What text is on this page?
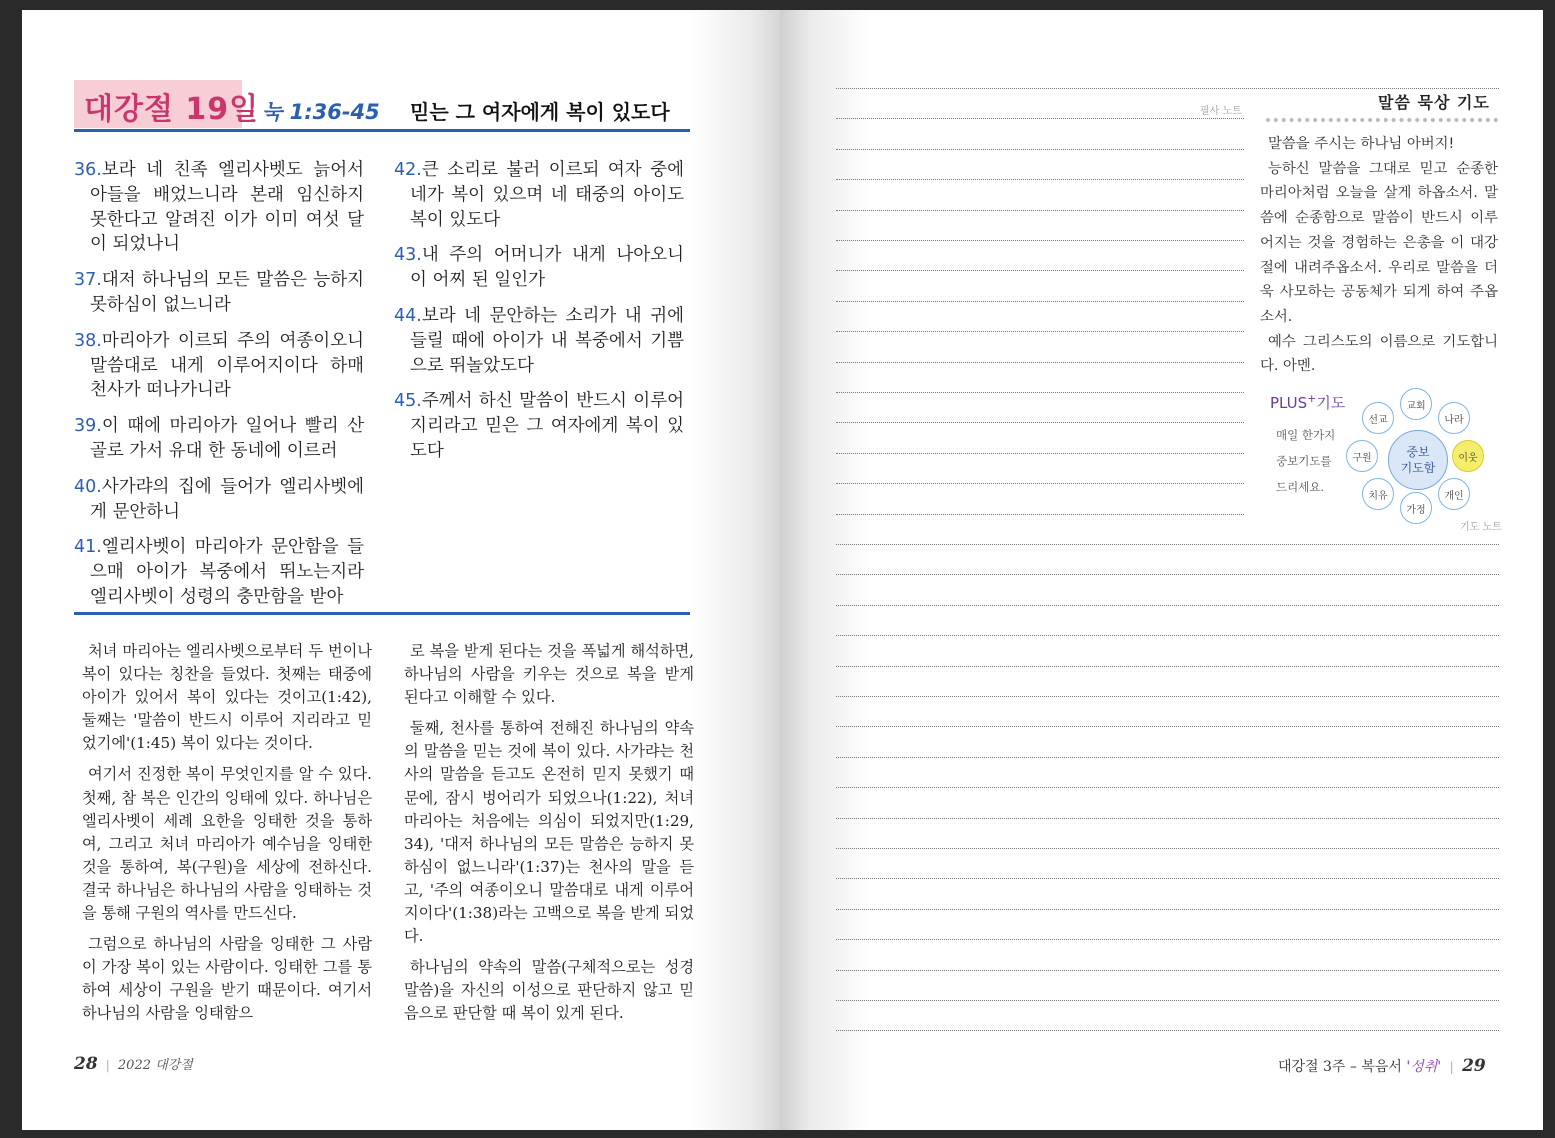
대강절 19일 눅 1:36-45 믿는 그 여자에게 복이 있도다
36.보라 네 친족 엘리사벳도 늙어서 아들을 배었느니라 본래 임신하지 못한다고 알려진 이가 이미 여섯 달이 되었나니
37.대저 하나님의 모든 말씀은 능하지 못하심이 없느니라
38.마리아가 이르되 주의 여종이오니 말씀대로 내게 이루어지이다 하매 천사가 떠나가니라
39.이 때에 마리아가 일어나 빨리 산골로 가서 유대 한 동네에 이르러
40.사가랴의 집에 들어가 엘리사벳에게 문안하니
41.엘리사벳이 마리아가 문안함을 들으매 아이가 복중에서 뛰노는지라 엘리사벳이 성령의 충만함을 받아
42.큰 소리로 불러 이르되 여자 중에 네가 복이 있으며 네 태중의 아이도 복이 있도다
43.내 주의 어머니가 내게 나아오니 이 어찌 된 일인가
44.보라 네 문안하는 소리가 내 귀에 들릴 때에 아이가 내 복중에서 기쁨으로 뛰놀았도다
45.주께서 하신 말씀이 반드시 이루어지리라고 믿은 그 여자에게 복이 있도다

처녀 마리아는 엘리사벳으로부터 두 번이나 복이 있다는 칭찬을 들었다. 첫째는 태중에 아이가 있어서 복이 있다는 것이고(1:42), 둘째는 '말씀이 반드시 이루어 지리라고 믿었기에'(1:45) 복이 있다는 것이다.

여기서 진정한 복이 무엇인지를 알 수 있다. 첫째, 참 복은 인간의 잉태에 있다. 하나님은 엘리사벳이 세례 요한을 잉태한 것을 통하여, 그리고 처녀 마리아가 예수님을 잉태한 것을 통하여, 복(구원)을 세상에 전하신다. 결국 하나님은 하나님의 사람을 잉태하는 것을 통해 구원의 역사를 만드신다.

그럼으로 하나님의 사람을 잉태한 그 사람이 가장 복이 있는 사람이다. 잉태한 그를 통하여 세상이 구원을 받기 때문이다. 여기서 하나님의 사람을 잉태함으

로 복을 받게 된다는 것을 폭넓게 해석하면, 하나님의 사람을 키우는 것으로 복을 받게 된다고 이해할 수 있다.

둘째, 천사를 통하여 전해진 하나님의 약속의 말씀을 믿는 것에 복이 있다. 사가랴는 천사의 말씀을 듣고도 온전히 믿지 못했기 때문에, 잠시 벙어리가 되었으나(1:22), 처녀 마리아는 처음에는 의심이 되었지만(1:29, 34), '대저 하나님의 모든 말씀은 능하지 못하심이 없느니라'(1:37)는 천사의 말을 듣고, '주의 여종이오니 말씀대로 내게 이루어지이다'(1:38)라는 고백으로 복을 받게 되었다.

하나님의 약속의 말씀(구체적으로는 성경 말씀)을 자신의 이성으로 판단하지 않고 믿음으로 판단할 때 복이 있게 된다.

28 | 2022 대강절
필사 노트	말씀 묵상 기도

말씀을 주시는 하나님 아버지!

능하신 말씀을 그대로 믿고 순종한 마리아처럼 오늘을 살게 하옵소서. 말씀에 순종함으로 말씀이 반드시 이루어지는 것을 경험하는 은총을 이 대강절에 내려주옵소서. 우리로 말씀을 더욱 사모하는 공동체가 되게 하여 주옵소서.

예수 그리스도의 이름으로 기도합니다. 아멘.

PLUS+기도
매일 한가지
중보기도를
드리세요.
중보
기도함
교회
나라
이웃
개인
가정
치유
구원
선교
기도 노트
대강절 3주 – 복음서 '성취' | 29
